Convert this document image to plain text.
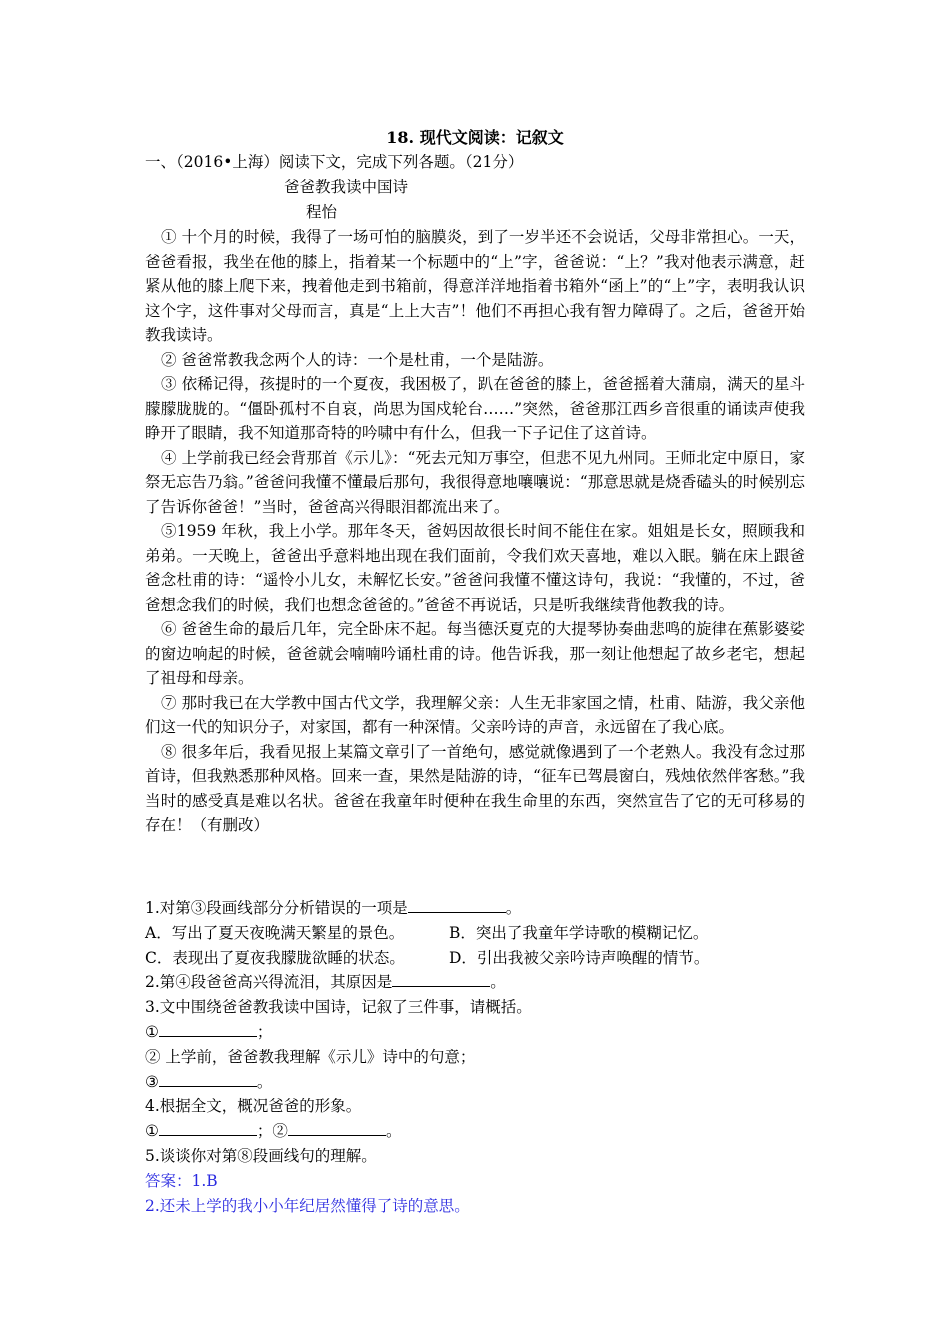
18. 现代文阅读：记叙文
一、（2016•上海）阅读下文，完成下列各题。（21分）
爸爸教我读中国诗
程怡

① 十个月的时候，我得了一场可怕的脑膜炎，到了一岁半还不会说话，父母非常担心。一天，爸爸看报，我坐在他的膝上，指着某一个标题中的“上”字，爸爸说：“上？”我对他表示满意，赶紧从他的膝上爬下来，拽着他走到书箱前，得意洋洋地指着书箱外“函上”的“上”字，表明我认识这个字，这件事对父母而言，真是“上上大吉”！他们不再担心我有智力障碍了。之后，爸爸开始教我读诗。

② 爸爸常教我念两个人的诗：一个是杜甫，一个是陆游。

③ 依稀记得，孩提时的一个夏夜，我困极了，趴在爸爸的膝上，爸爸摇着大蒲扇，满天的星斗朦朦胧胧的。“僵卧孤村不自哀，尚思为国戍轮台……”突然，爸爸那江西乡音很重的诵读声使我睁开了眼睛，我不知道那奇特的吟啸中有什么，但我一下子记住了这首诗。

④ 上学前我已经会背那首《示儿》：“死去元知万事空，但悲不见九州同。王师北定中原日，家祭无忘告乃翁。”爸爸问我懂不懂最后那句，我很得意地嚷嚷说：“那意思就是烧香磕头的时候别忘了告诉你爸爸！”当时，爸爸高兴得眼泪都流出来了。

⑤1959 年秋，我上小学。那年冬天，爸妈因故很长时间不能住在家。姐姐是长女，照顾我和弟弟。一天晚上，爸爸出乎意料地出现在我们面前，令我们欢天喜地，难以入眠。躺在床上跟爸爸念杜甫的诗：“遥怜小儿女，未解忆长安。”爸爸问我懂不懂这诗句，我说：“我懂的，不过，爸爸想念我们的时候，我们也想念爸爸的。”爸爸不再说话，只是听我继续背他教我的诗。

⑥ 爸爸生命的最后几年，完全卧床不起。每当德沃夏克的大提琴协奏曲悲鸣的旋律在蕉影婆娑的窗边响起的时候，爸爸就会喃喃吟诵杜甫的诗。他告诉我，那一刻让他想起了故乡老宅，想起了祖母和母亲。

⑦ 那时我已在大学教中国古代文学，我理解父亲：人生无非家国之情，杜甫、陆游，我父亲他们这一代的知识分子，对家国，都有一种深情。父亲吟诗的声音，永远留在了我心底。

⑧ 很多年后，我看见报上某篇文章引了一首绝句，感觉就像遇到了一个老熟人。我没有念过那首诗，但我熟悉那种风格。回来一查，果然是陆游的诗，“征车已驾晨窗白，残烛依然伴客愁。”我当时的感受真是难以名状。爸爸在我童年时便种在我生命里的东西，突然宣告了它的无可移易的存在！（有删改）

1.对第③段画线部分分析错误的一项是	。

A．写出了夏天夜晚满天繁星的景色。	B．突出了我童年学诗歌的模糊记忆。

C．表现出了夏夜我朦胧欲睡的状态。	D．引出我被父亲吟诗声唤醒的情节。

2.第④段爸爸高兴得流泪，其原因是	。

3.文中围绕爸爸教我读中国诗，记叙了三件事，请概括。

①	；

② 上学前，爸爸教我理解《示儿》诗中的句意；

③	。

4.根据全文，概况爸爸的形象。

①	；②	。

5.谈谈你对第⑧段画线句的理解。

答案：1.B

2.还未上学的我小小年纪居然懂得了诗的意思。
